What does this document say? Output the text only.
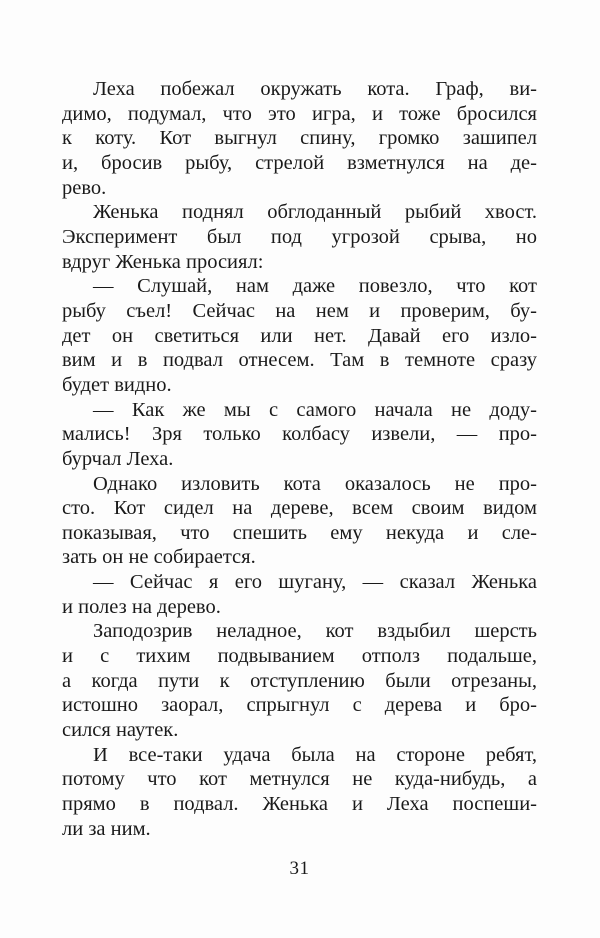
Леха побежал окружать кота. Граф, ви-
димо, подумал, что это игра, и тоже бросился
к коту. Кот выгнул спину, громко зашипел
и, бросив рыбу, стрелой взметнулся на де-
рево.
Женька поднял обглоданный рыбий хвост.
Эксперимент был под угрозой срыва, но
вдруг Женька просиял:
— Слушай, нам даже повезло, что кот
рыбу съел! Сейчас на нем и проверим, бу-
дет он светиться или нет. Давай его изло-
вим и в подвал отнесем. Там в темноте сразу
будет видно.
— Как же мы с самого начала не доду-
мались! Зря только колбасу извели, — про-
бурчал Леха.
Однако изловить кота оказалось не про-
сто. Кот сидел на дереве, всем своим видом
показывая, что спешить ему некуда и сле-
зать он не собирается.
— Сейчас я его шугану, — сказал Женька
и полез на дерево.
Заподозрив неладное, кот вздыбил шерсть
и с тихим подвыванием отполз подальше,
а когда пути к отступлению были отрезаны,
истошно заорал, спрыгнул с дерева и бро-
сился наутек.
И все-таки удача была на стороне ребят,
потому что кот метнулся не куда-нибудь, а
прямо в подвал. Женька и Леха поспеши-
ли за ним.
31
